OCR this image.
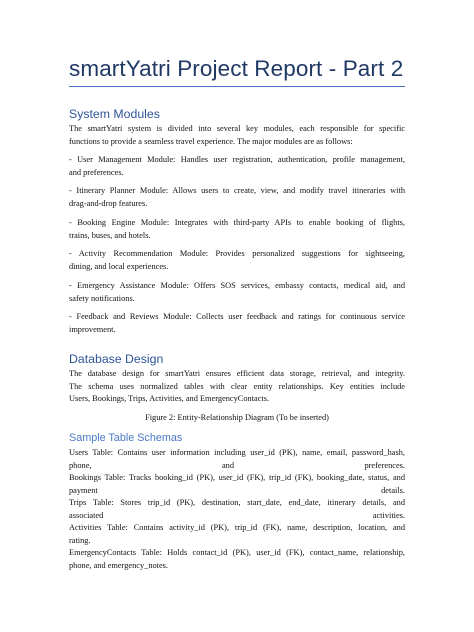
smartYatri Project Report - Part 2
System Modules
The smartYatri system is divided into several key modules, each responsible for specific
functions to provide a seamless travel experience. The major modules are as follows:
- User Management Module: Handles user registration, authentication, profile management,
and preferences.
- Itinerary Planner Module: Allows users to create, view, and modify travel itineraries with
drag-and-drop features.
- Booking Engine Module: Integrates with third-party APIs to enable booking of flights,
trains, buses, and hotels.
- Activity Recommendation Module: Provides personalized suggestions for sightseeing,
dining, and local experiences.
- Emergency Assistance Module: Offers SOS services, embassy contacts, medical aid, and
safety notifications.
- Feedback and Reviews Module: Collects user feedback and ratings for continuous service
improvement.
Database Design
The database design for smartYatri ensures efficient data storage, retrieval, and integrity.
The schema uses normalized tables with clear entity relationships. Key entities include
Users, Bookings, Trips, Activities, and EmergencyContacts.
Figure 2: Entity-Relationship Diagram (To be inserted)
Sample Table Schemas
Users Table: Contains user information including user_id (PK), name, email, password_hash,
phone, and preferences.
Bookings Table: Tracks booking_id (PK), user_id (FK), trip_id (FK), booking_date, status, and
payment details.
Trips Table: Stores trip_id (PK), destination, start_date, end_date, itinerary details, and
associated activities.
Activities Table: Contains activity_id (PK), trip_id (FK), name, description, location, and
rating.
EmergencyContacts Table: Holds contact_id (PK), user_id (FK), contact_name, relationship,
phone, and emergency_notes.
